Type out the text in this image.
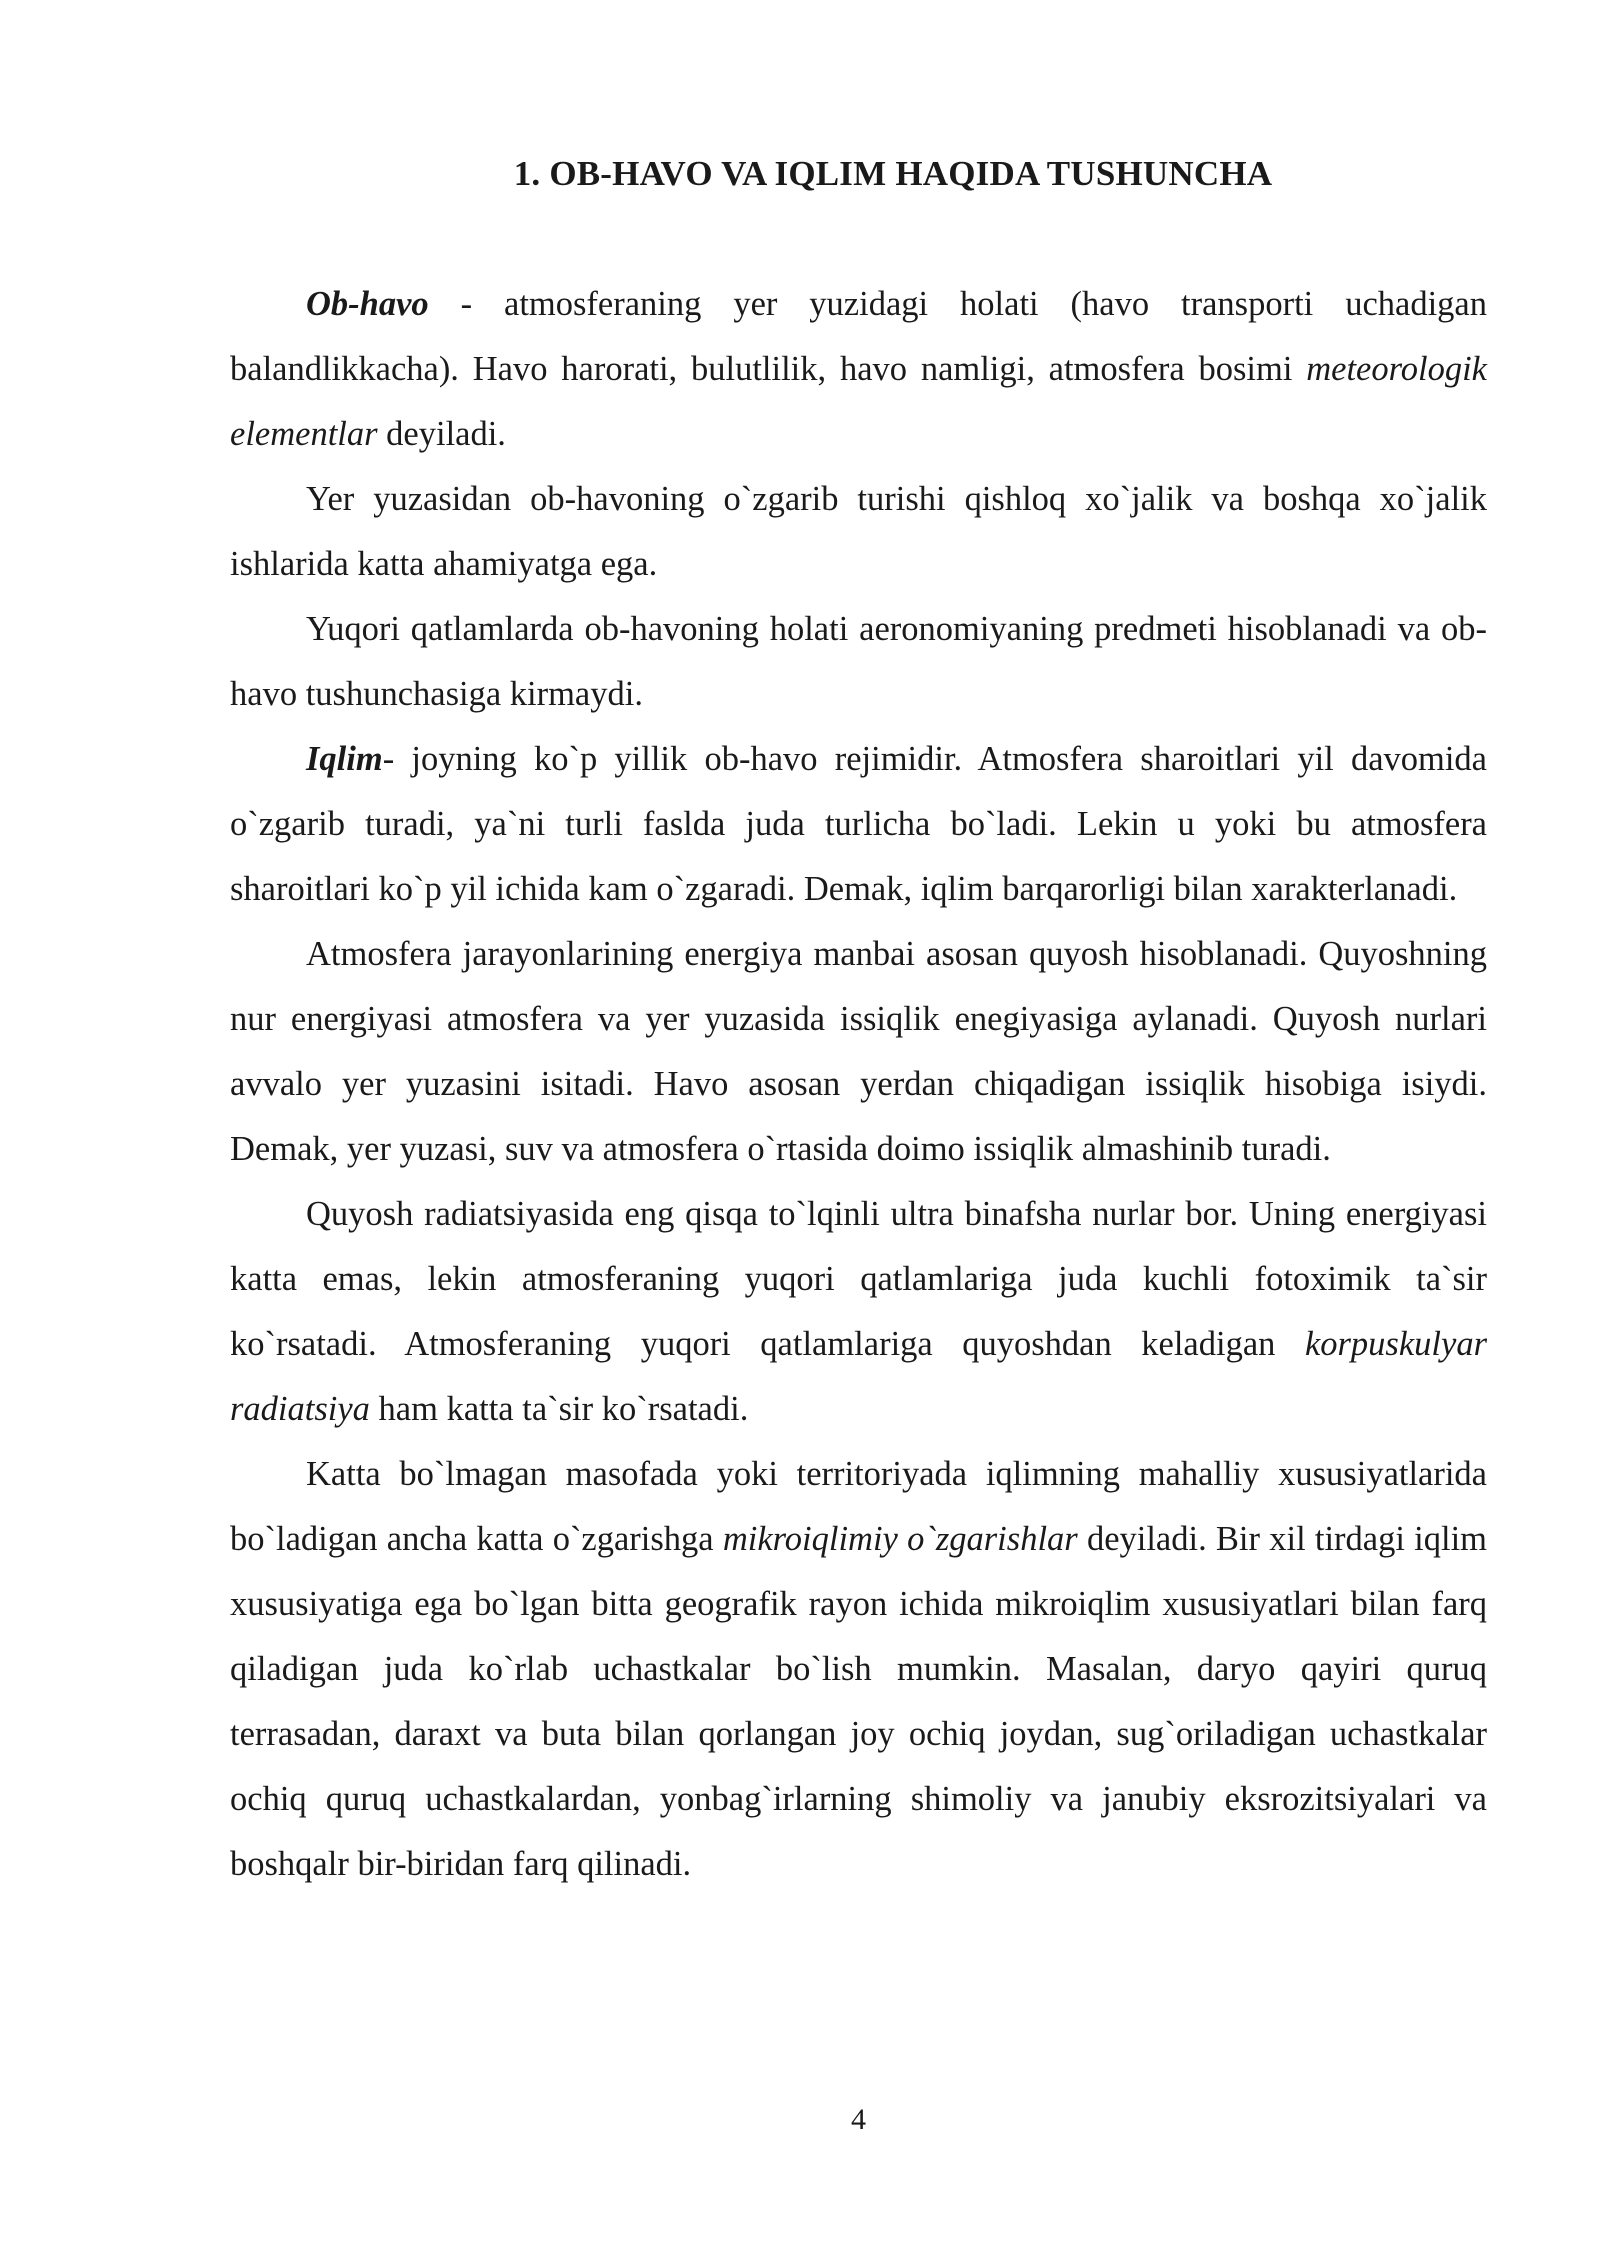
1. OB-HAVO VA IQLIM HAQIDA TUSHUNCHA

Ob-havo - atmosferaning yer yuzidagi holati (havo transporti uchadigan balandlikkacha). Havo harorati, bulutlilik, havo namligi, atmosfera bosimi meteorologik elementlar deyiladi.

Yer yuzasidan ob-havoning o`zgarib turishi qishloq xo`jalik va boshqa xo`jalik ishlarida katta ahamiyatga ega.

Yuqori qatlamlarda ob-havoning holati aeronomiyaning predmeti hisoblanadi va ob-havo tushunchasiga kirmaydi.

Iqlim- joyning ko`p yillik ob-havo rejimidir. Atmosfera sharoitlari yil davomida o`zgarib turadi, ya`ni turli faslda juda turlicha bo`ladi. Lekin u yoki bu atmosfera sharoitlari ko`p yil ichida kam o`zgaradi. Demak, iqlim barqarorligi bilan xarakterlanadi.

Atmosfera jarayonlarining energiya manbai asosan quyosh hisoblanadi. Quyoshning nur energiyasi atmosfera va yer yuzasida issiqlik enegiyasiga aylanadi. Quyosh nurlari avvalo yer yuzasini isitadi. Havo asosan yerdan chiqadigan issiqlik hisobiga isiydi. Demak, yer yuzasi, suv va atmosfera o`rtasida doimo issiqlik almashinib turadi.

Quyosh radiatsiyasida eng qisqa to`lqinli ultra binafsha nurlar bor. Uning energiyasi katta emas, lekin atmosferaning yuqori qatlamlariga juda kuchli fotoximik ta`sir ko`rsatadi. Atmosferaning yuqori qatlamlariga quyoshdan keladigan korpuskulyar radiatsiya ham katta ta`sir ko`rsatadi.

Katta bo`lmagan masofada yoki territoriyada iqlimning mahalliy xususiyatlarida bo`ladigan ancha katta o`zgarishga mikroiqlimiy o`zgarishlar deyiladi. Bir xil tirdagi iqlim xususiyatiga ega bo`lgan bitta geografik rayon ichida mikroiqlim xususiyatlari bilan farq qiladigan juda ko`rlab uchastkalar bo`lish mumkin. Masalan, daryo qayiri quruq terrasadan, daraxt va buta bilan qorlangan joy ochiq joydan, sug`oriladigan uchastkalar ochiq quruq uchastkalardan, yonbag`irlarning shimoliy va janubiy eksrozitsiyalari va boshqalr bir-biridan farq qilinadi.

4
